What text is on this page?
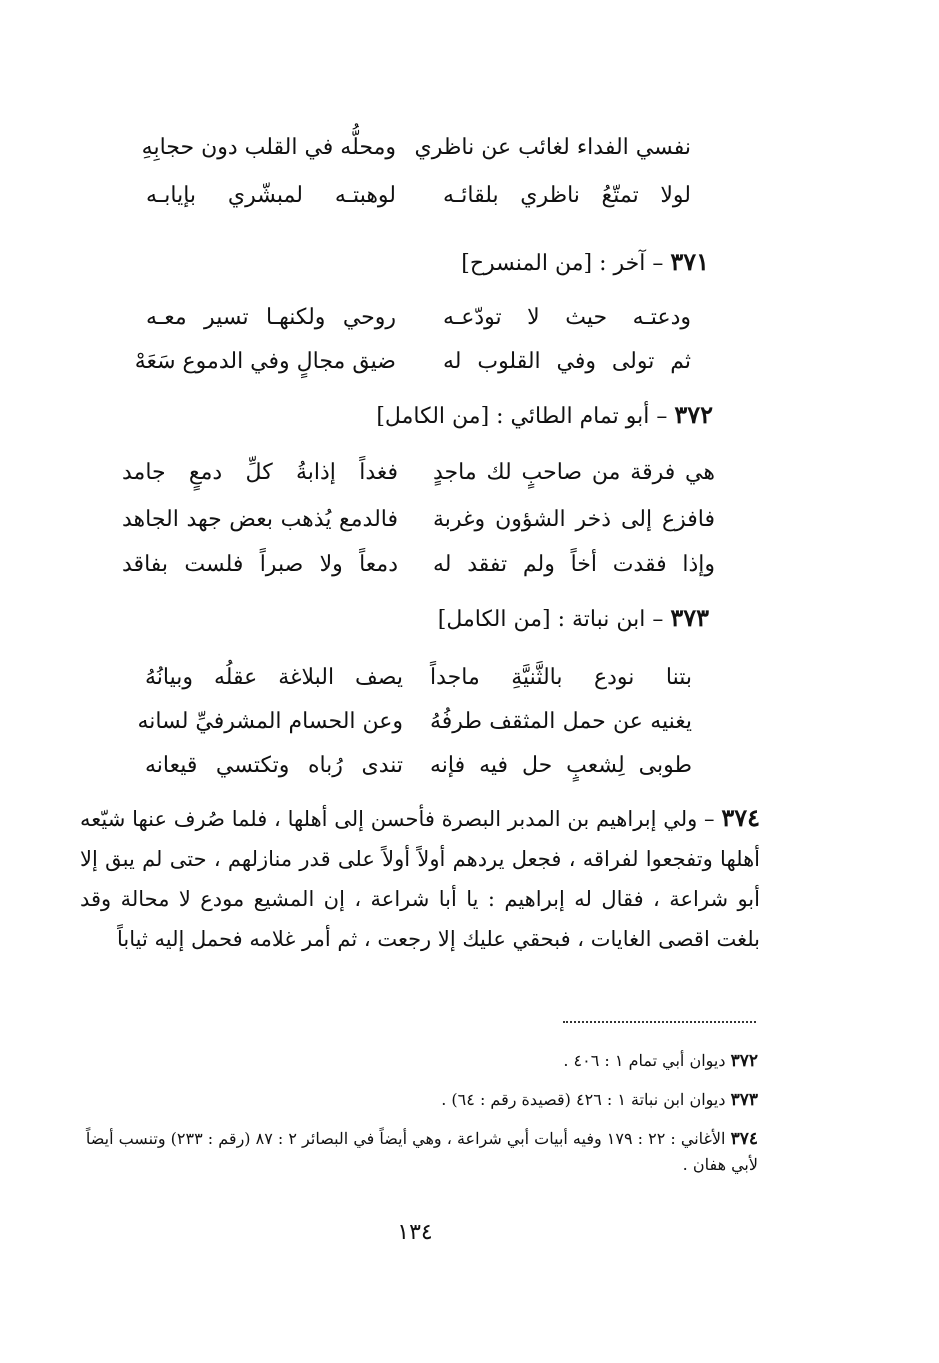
نفسي الفداء لغائب عن ناظري
ومحلُّه في القلب دون حجابِهِ
لولا تمتّعُ ناظري بلقائـه
لوهبتـه لمبشّري بإيابـه
٣٧١ – آخر : [من المنسرح]
ودعتـه حيث لا تودّعـه
روحي ولكنهـا تسير معـه
ثم تولى وفي القلوب له
ضيق مجالٍ وفي الدموع سَعَهْ
٣٧٢ – أبو تمام الطائي : [من الكامل]
هي فرقة من صاحبٍ لك ماجدٍ
فغداً إذابةُ كلِّ دمعٍ جامد
فافزع إلى ذخر الشؤون وغربة
فالدمع يُذهب بعض جهد الجاهد
وإذا فقدت أخاً ولم تفقد له
دمعاً ولا صبراً فلست بفاقد
٣٧٣ – ابن نباتة : [من الكامل]
بتنا نودع بالثَّنيَّةِ ماجداً
يصف البلاغة عقلُه وبيانُهُ
يغنيه عن حمل المثقف طرفُهُ
وعن الحسام المشرفيِّ لسانه
طوبى لِشعبٍ حل فيه فإنه
تندى رُباه وتكتسي قيعانه
٣٧٤ – ولي إبراهيم بن المدبر البصرة فأحسن إلى أهلها ، فلما صُرف عنها شيّعه أهلها وتفجعوا لفراقه ، فجعل يردهم أولاً أولاً على قدر منازلهم ، حتى لم يبق إلا أبو شراعة ، فقال له إبراهيم : يا أبا شراعة ، إن المشيع مودع لا محالة وقد بلغت اقصى الغايات ، فبحقي عليك إلا رجعت ، ثم أمر غلامه فحمل إليه ثياباً
٣٧٢ ديوان أبي تمام ١ : ٤٠٦ .
٣٧٣ ديوان ابن نباتة ١ : ٤٢٦ (قصيدة رقم : ٦٤) .
٣٧٤ الأغاني : ٢٢ : ١٧٩ وفيه أبيات أبي شراعة ، وهي أيضاً في البصائر ٢ : ٨٧ (رقم : ٢٣٣) وتنسب أيضاً لأبي هفان .
١٣٤
